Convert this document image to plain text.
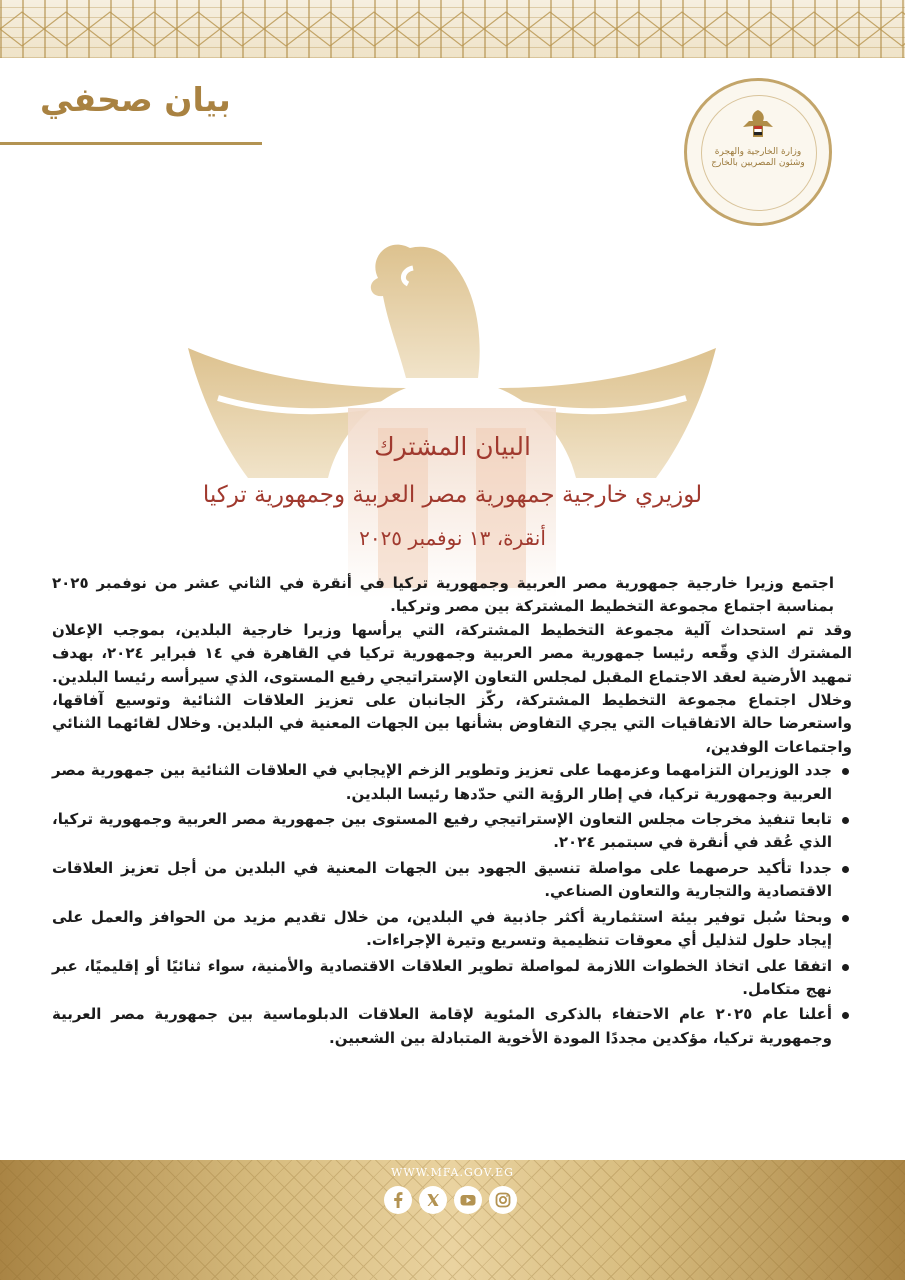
بيان صحفي
وزارة الخارجية والهجرة
وشئون المصريين بالخارج
البيان المشترك
لوزيري خارجية جمهورية مصر العربية وجمهورية تركيا
أنقرة، ١٣ نوفمبر ٢٠٢٥

اجتمع وزيرا خارجية جمهورية مصر العربية وجمهورية تركيا في أنقرة في الثاني عشر من نوفمبر ٢٠٢٥ بمناسبة اجتماع مجموعة التخطيط المشتركة بين مصر وتركيا.

وقد تم استحداث آلية مجموعة التخطيط المشتركة، التي يرأسها وزيرا خارجية البلدين، بموجب الإعلان المشترك الذي وقّعه رئيسا جمهورية مصر العربية وجمهورية تركيا في القاهرة في ١٤ فبراير ٢٠٢٤، بهدف تمهيد الأرضية لعقد الاجتماع المقبل لمجلس التعاون الإستراتيجي رفيع المستوى، الذي سيرأسه رئيسا البلدين. وخلال اجتماع مجموعة التخطيط المشتركة، ركّز الجانبان على تعزيز العلاقات الثنائية وتوسيع آفاقها، واستعرضا حالة الاتفاقيات التي يجري التفاوض بشأنها بين الجهات المعنية في البلدين. وخلال لقائهما الثنائي واجتماعات الوفدين،

جدد الوزيران التزامهما وعزمهما على تعزيز وتطوير الزخم الإيجابي في العلاقات الثنائية بين جمهورية مصر العربية وجمهورية تركيا، في إطار الرؤية التي حدّدها رئيسا البلدين.
تابعا تنفيذ مخرجات مجلس التعاون الإستراتيجي رفيع المستوى بين جمهورية مصر العربية وجمهورية تركيا، الذي عُقد في أنقرة في سبتمبر ٢٠٢٤.
جددا تأكيد حرصهما على مواصلة تنسيق الجهود بين الجهات المعنية في البلدين من أجل تعزيز العلاقات الاقتصادية والتجارية والتعاون الصناعي.
وبحثا سُبل توفير بيئة استثمارية أكثر جاذبية في البلدين، من خلال تقديم مزيد من الحوافز والعمل على إيجاد حلول لتذليل أي معوقات تنظيمية وتسريع وتيرة الإجراءات.
اتفقا على اتخاذ الخطوات اللازمة لمواصلة تطوير العلاقات الاقتصادية والأمنية، سواء ثنائيًا أو إقليميًا، عبر نهج متكامل.
أعلنا عام ٢٠٢٥ عام الاحتفاء بالذكرى المئوية لإقامة العلاقات الدبلوماسية بين جمهورية مصر العربية وجمهورية تركيا، مؤكدين مجددًا المودة الأخوية المتبادلة بين الشعبين.
WWW.MFA.GOV.EG
